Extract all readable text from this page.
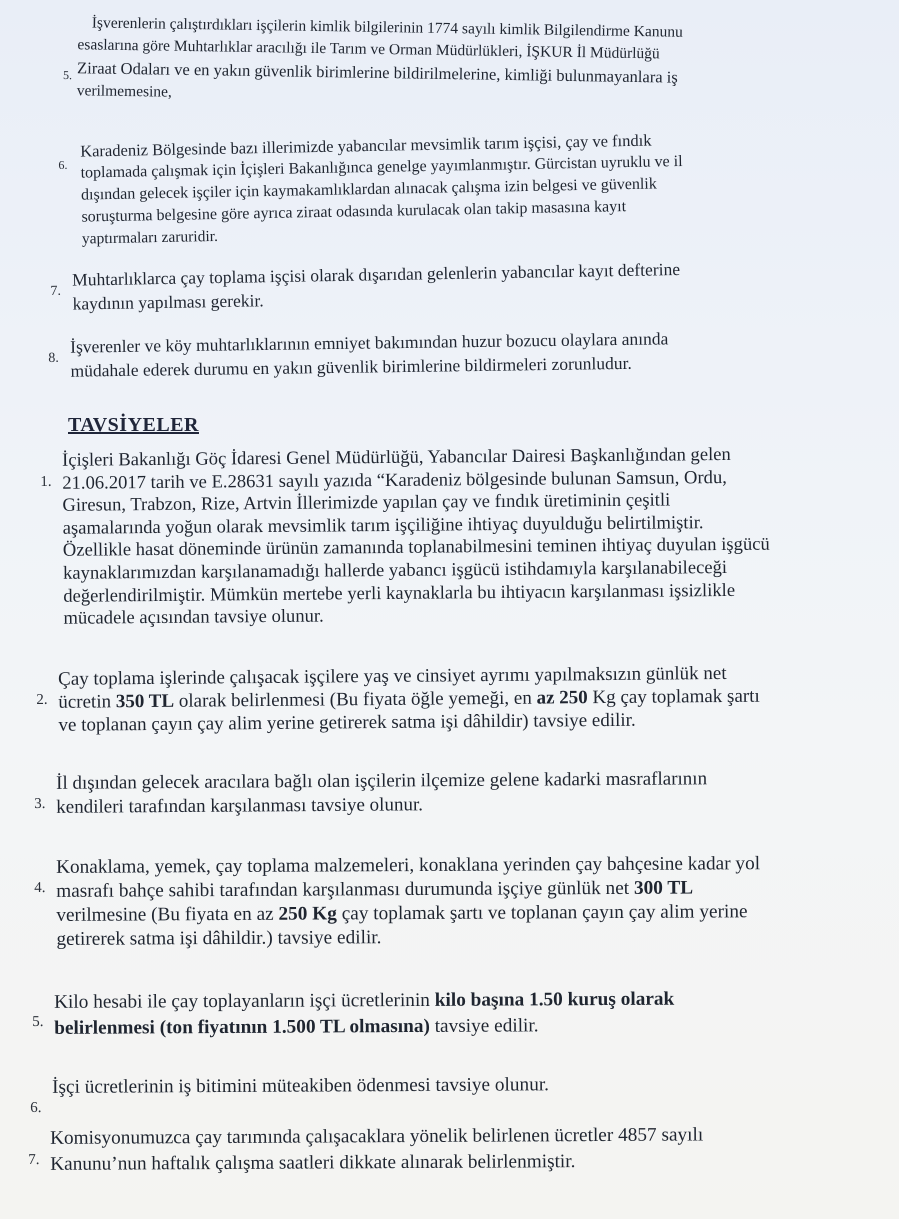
5.

İşverenlerin çalıştırdıkları işçilerin kimlik bilgilerinin 1774 sayılı kimlik Bilgilendirme Kanunu

esaslarına göre Muhtarlıklar aracılığı ile Tarım ve Orman Müdürlükleri, İŞKUR İl Müdürlüğü

Ziraat Odaları ve en yakın güvenlik birimlerine bildirilmelerine, kimliği bulunmayanlara iş

verilmemesine,

6.

Karadeniz Bölgesinde bazı illerimizde yabancılar mevsimlik tarım işçisi, çay ve fındık

toplamada çalışmak için İçişleri Bakanlığınca genelge yayımlanmıştır. Gürcistan uyruklu ve il

dışından gelecek işçiler için kaymakamlıklardan alınacak çalışma izin belgesi ve güvenlik

soruşturma belgesine göre ayrıca ziraat odasında kurulacak olan takip masasına kayıt

yaptırmaları zaruridir.

7.

Muhtarlıklarca çay toplama işçisi olarak dışarıdan gelenlerin yabancılar kayıt defterine

kaydının yapılması gerekir.

8.

İşverenler ve köy muhtarlıklarının emniyet bakımından huzur bozucu olaylara anında

müdahale ederek durumu en yakın güvenlik birimlerine bildirmeleri zorunludur.

TAVSİYELER
1.

İçişleri Bakanlığı Göç İdaresi Genel Müdürlüğü, Yabancılar Dairesi Başkanlığından gelen

21.06.2017 tarih ve E.28631 sayılı yazıda “Karadeniz bölgesinde bulunan Samsun, Ordu,

Giresun, Trabzon, Rize, Artvin İllerimizde yapılan çay ve fındık üretiminin çeşitli

aşamalarında yoğun olarak mevsimlik tarım işçiliğine ihtiyaç duyulduğu belirtilmiştir.

Özellikle hasat döneminde ürünün zamanında toplanabilmesini teminen ihtiyaç duyulan işgücü

kaynaklarımızdan karşılanamadığı hallerde yabancı işgücü istihdamıyla karşılanabileceği

değerlendirilmiştir. Mümkün mertebe yerli kaynaklarla bu ihtiyacın karşılanması işsizlikle

mücadele açısından tavsiye olunur.

2.

Çay toplama işlerinde çalışacak işçilere yaş ve cinsiyet ayrımı yapılmaksızın günlük net

ücretin 350 TL olarak belirlenmesi (Bu fiyata öğle yemeği, en az 250 Kg çay toplamak şartı

ve toplanan çayın çay alim yerine getirerek satma işi dâhildir) tavsiye edilir.

3.

İl dışından gelecek aracılara bağlı olan işçilerin ilçemize gelene kadarki masraflarının

kendileri tarafından karşılanması tavsiye olunur.

4.

Konaklama, yemek, çay toplama malzemeleri, konaklana yerinden çay bahçesine kadar yol

masrafı bahçe sahibi tarafından karşılanması durumunda işçiye günlük net 300 TL

verilmesine (Bu fiyata en az 250 Kg çay toplamak şartı ve toplanan çayın çay alim yerine

getirerek satma işi dâhildir.) tavsiye edilir.

5.

Kilo hesabi ile çay toplayanların işçi ücretlerinin kilo başına 1.50 kuruş olarak

belirlenmesi (ton fiyatının 1.500 TL olmasına) tavsiye edilir.

6.

İşçi ücretlerinin iş bitimini müteakiben ödenmesi tavsiye olunur.

7.

Komisyonumuzca çay tarımında çalışacaklara yönelik belirlenen ücretler 4857 sayılı

Kanunu’nun haftalık çalışma saatleri dikkate alınarak belirlenmiştir.
